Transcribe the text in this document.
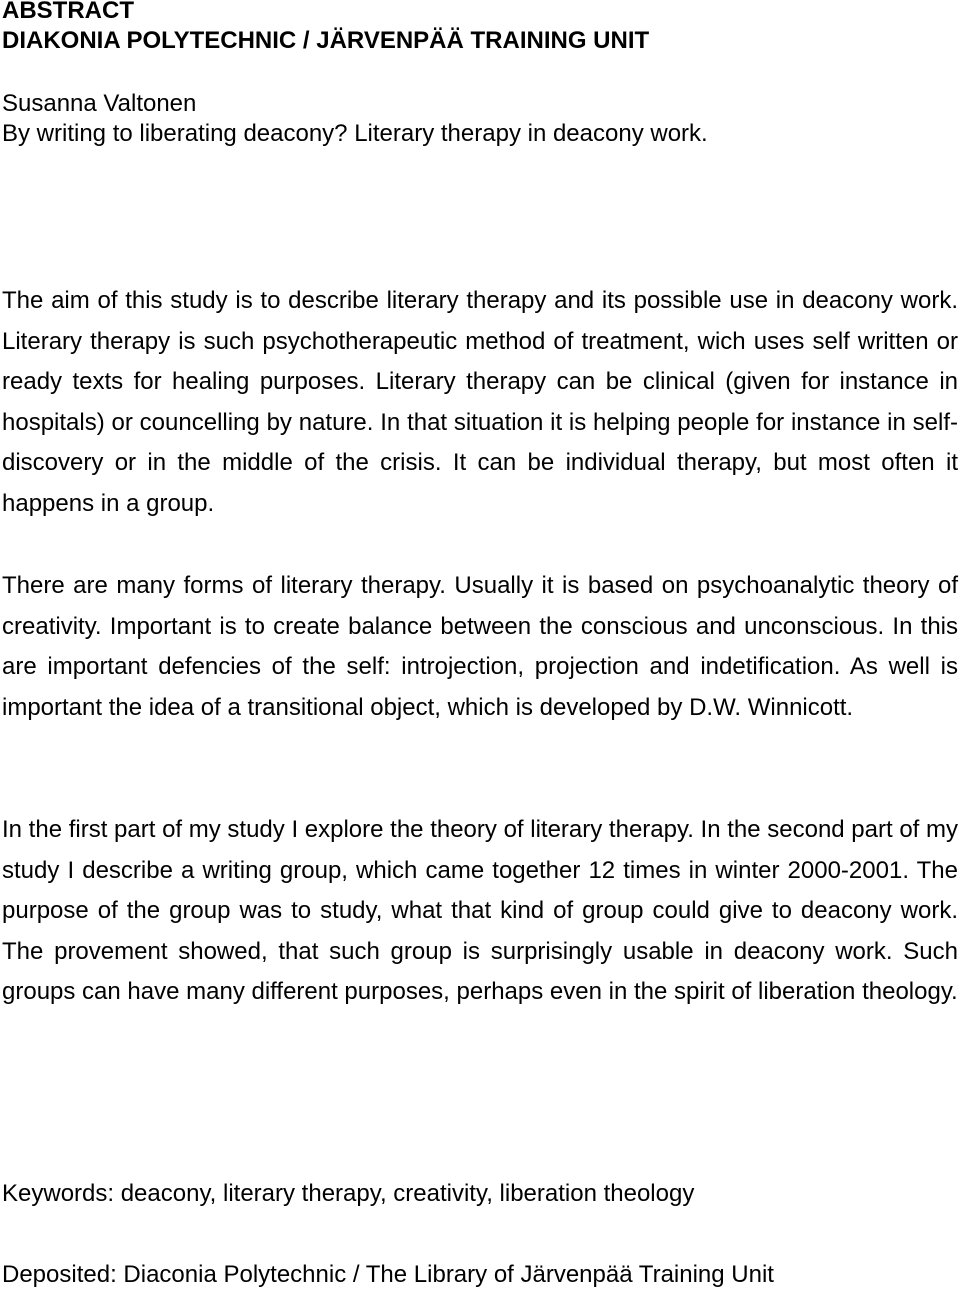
ABSTRACT

DIAKONIA POLYTECHNIC / JÄRVENPÄÄ TRAINING UNIT

Susanna Valtonen

By writing to liberating deacony? Literary therapy in deacony work.

The aim of this study is to describe literary therapy and its possible use in deacony work. Literary therapy is such psychotherapeutic method of treatment, wich uses self written or ready texts for healing purposes. Literary therapy can be clinical (given for instance in hospitals) or councelling by nature. In that situation it is helping people for instance in self-discovery or in the middle of the crisis. It can be individual therapy, but most often it happens in a group.

There are many forms of literary therapy. Usually it is based on psychoanalytic theory of creativity. Important is to create balance between the conscious and unconscious. In this are important defencies of the self: introjection, projection and indetification. As well is important the idea of a transitional object, which is developed by D.W. Winnicott.

In the first part of my study I explore the theory of literary therapy. In the second part of my study I describe a writing group, which came together 12 times in winter 2000-2001. The purpose of the group was to study, what that kind of group could give to deacony work. The provement showed, that such group is surprisingly usable in deacony work. Such groups can have many different purposes, perhaps even in the spirit of liberation theology.

Keywords: deacony, literary therapy, creativity, liberation theology

Deposited: Diaconia Polytechnic / The Library of Järvenpää Training Unit
